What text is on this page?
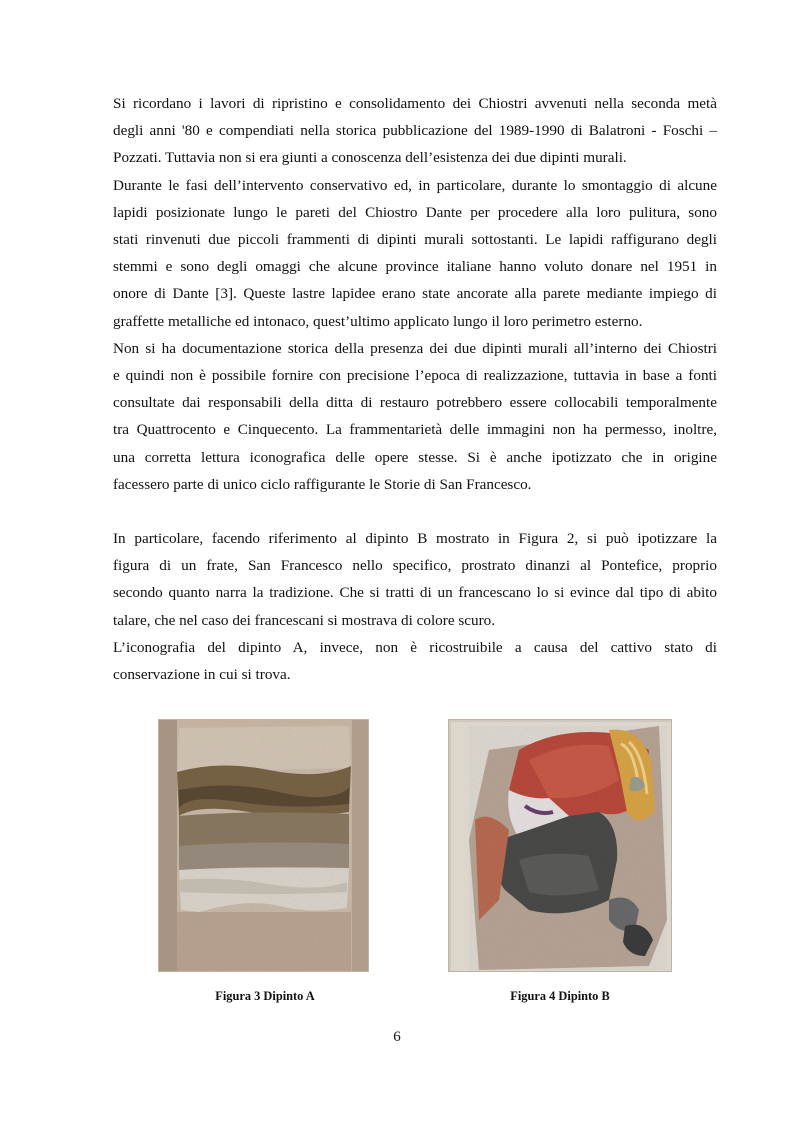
Si ricordano i lavori di ripristino e consolidamento dei Chiostri avvenuti nella seconda metà
degli anni '80 e compendiati nella storica pubblicazione del 1989-1990 di Balatroni - Foschi –
Pozzati. Tuttavia non si era giunti a conoscenza dell’esistenza dei due dipinti murali.
Durante le fasi dell’intervento conservativo ed, in particolare, durante lo smontaggio di alcune
lapidi posizionate lungo le pareti del Chiostro Dante per procedere alla loro pulitura, sono
stati rinvenuti due piccoli frammenti di dipinti murali sottostanti. Le lapidi raffigurano degli
stemmi e sono degli omaggi che alcune province italiane hanno voluto donare nel 1951 in
onore di Dante [3]. Queste lastre lapidee erano state ancorate alla parete mediante impiego di
graffette metalliche ed intonaco, quest’ultimo applicato lungo il loro perimetro esterno.
Non si ha documentazione storica della presenza dei due dipinti murali all’interno dei Chiostri
e quindi non è possibile fornire con precisione l’epoca di realizzazione, tuttavia in base a fonti
consultate dai responsabili della ditta di restauro potrebbero essere collocabili temporalmente
tra Quattrocento e Cinquecento. La frammentarietà delle immagini non ha permesso, inoltre,
una corretta lettura iconografica delle opere stesse. Si è anche ipotizzato che in origine
facessero parte di unico ciclo raffigurante le Storie di San Francesco.
In particolare, facendo riferimento al dipinto B mostrato in Figura 2, si può ipotizzare la
figura di un frate, San Francesco nello specifico, prostrato dinanzi al Pontefice, proprio
secondo quanto narra la tradizione. Che si tratti di un francescano lo si evince dal tipo di abito
talare, che nel caso dei francescani si mostrava di colore scuro.
L’iconografia del dipinto A, invece, non è ricostruibile a causa del cattivo stato di
conservazione in cui si trova.
Figura 3 Dipinto A	Figura 4 Dipinto B
6
